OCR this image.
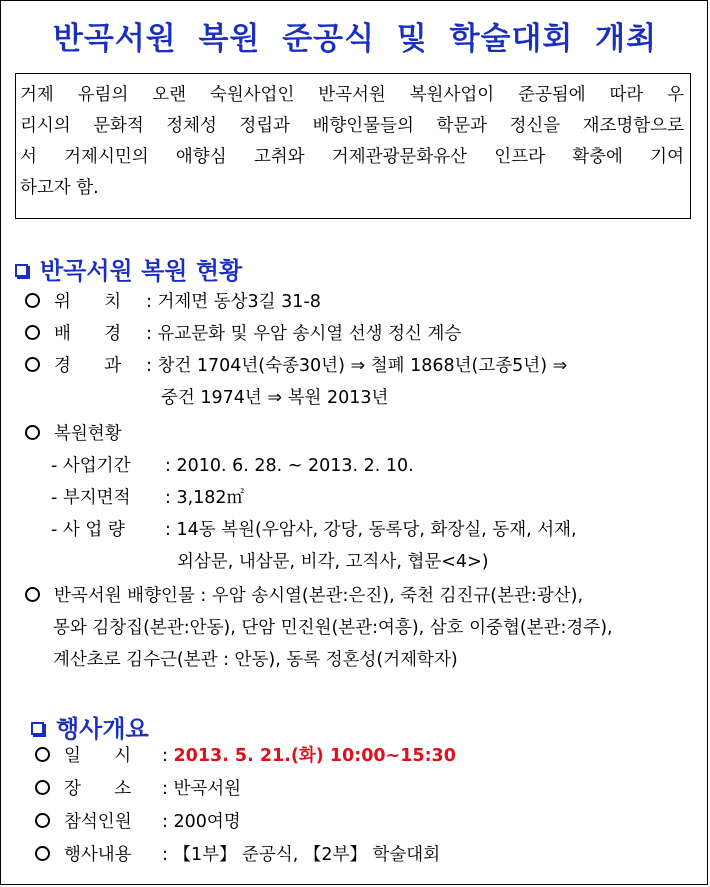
반곡서원 복원 준공식 및 학술대회 개최
거제 유림의 오랜 숙원사업인 반곡서원 복원사업이 준공됨에 따라 우
리시의 문화적 정체성 정립과 배향인물들의 학문과 정신을 재조명함으로
서 거제시민의 애향심 고취와 거제관광문화유산 인프라 확충에 기여
하고자 함.
반곡서원 복원 현황
위      치 : 거제면 동상3길 31-8
배      경 : 유교문화 및 우암 송시열 선생 정신 계승
경      과 : 창건 1704년(숙종30년) ⇒ 철폐 1868년(고종5년) ⇒
중건 1974년 ⇒ 복원 2013년
복원현황
- 사업기간 : 2010. 6. 28. ~ 2013. 2. 10.
- 부지면적 : 3,182㎡
- 사 업 량 : 14동 복원(우암사, 강당, 동록당, 화장실, 동재, 서재,
외삼문, 내삼문, 비각, 고직사, 협문<4>)
반곡서원 배향인물 : 우암 송시열(본관:은진), 죽천 김진규(본관:광산),
몽와 김창집(본관:안동), 단암 민진원(본관:여흥), 삼호 이중협(본관:경주),
계산초로 김수근(본관 : 안동), 동록 정혼성(거제학자)
행사개요
일      시 : 2013. 5. 21.(화) 10:00~15:30
장      소 : 반곡서원
참석인원 : 200여명
행사내용 : 【1부】 준공식, 【2부】 학술대회
